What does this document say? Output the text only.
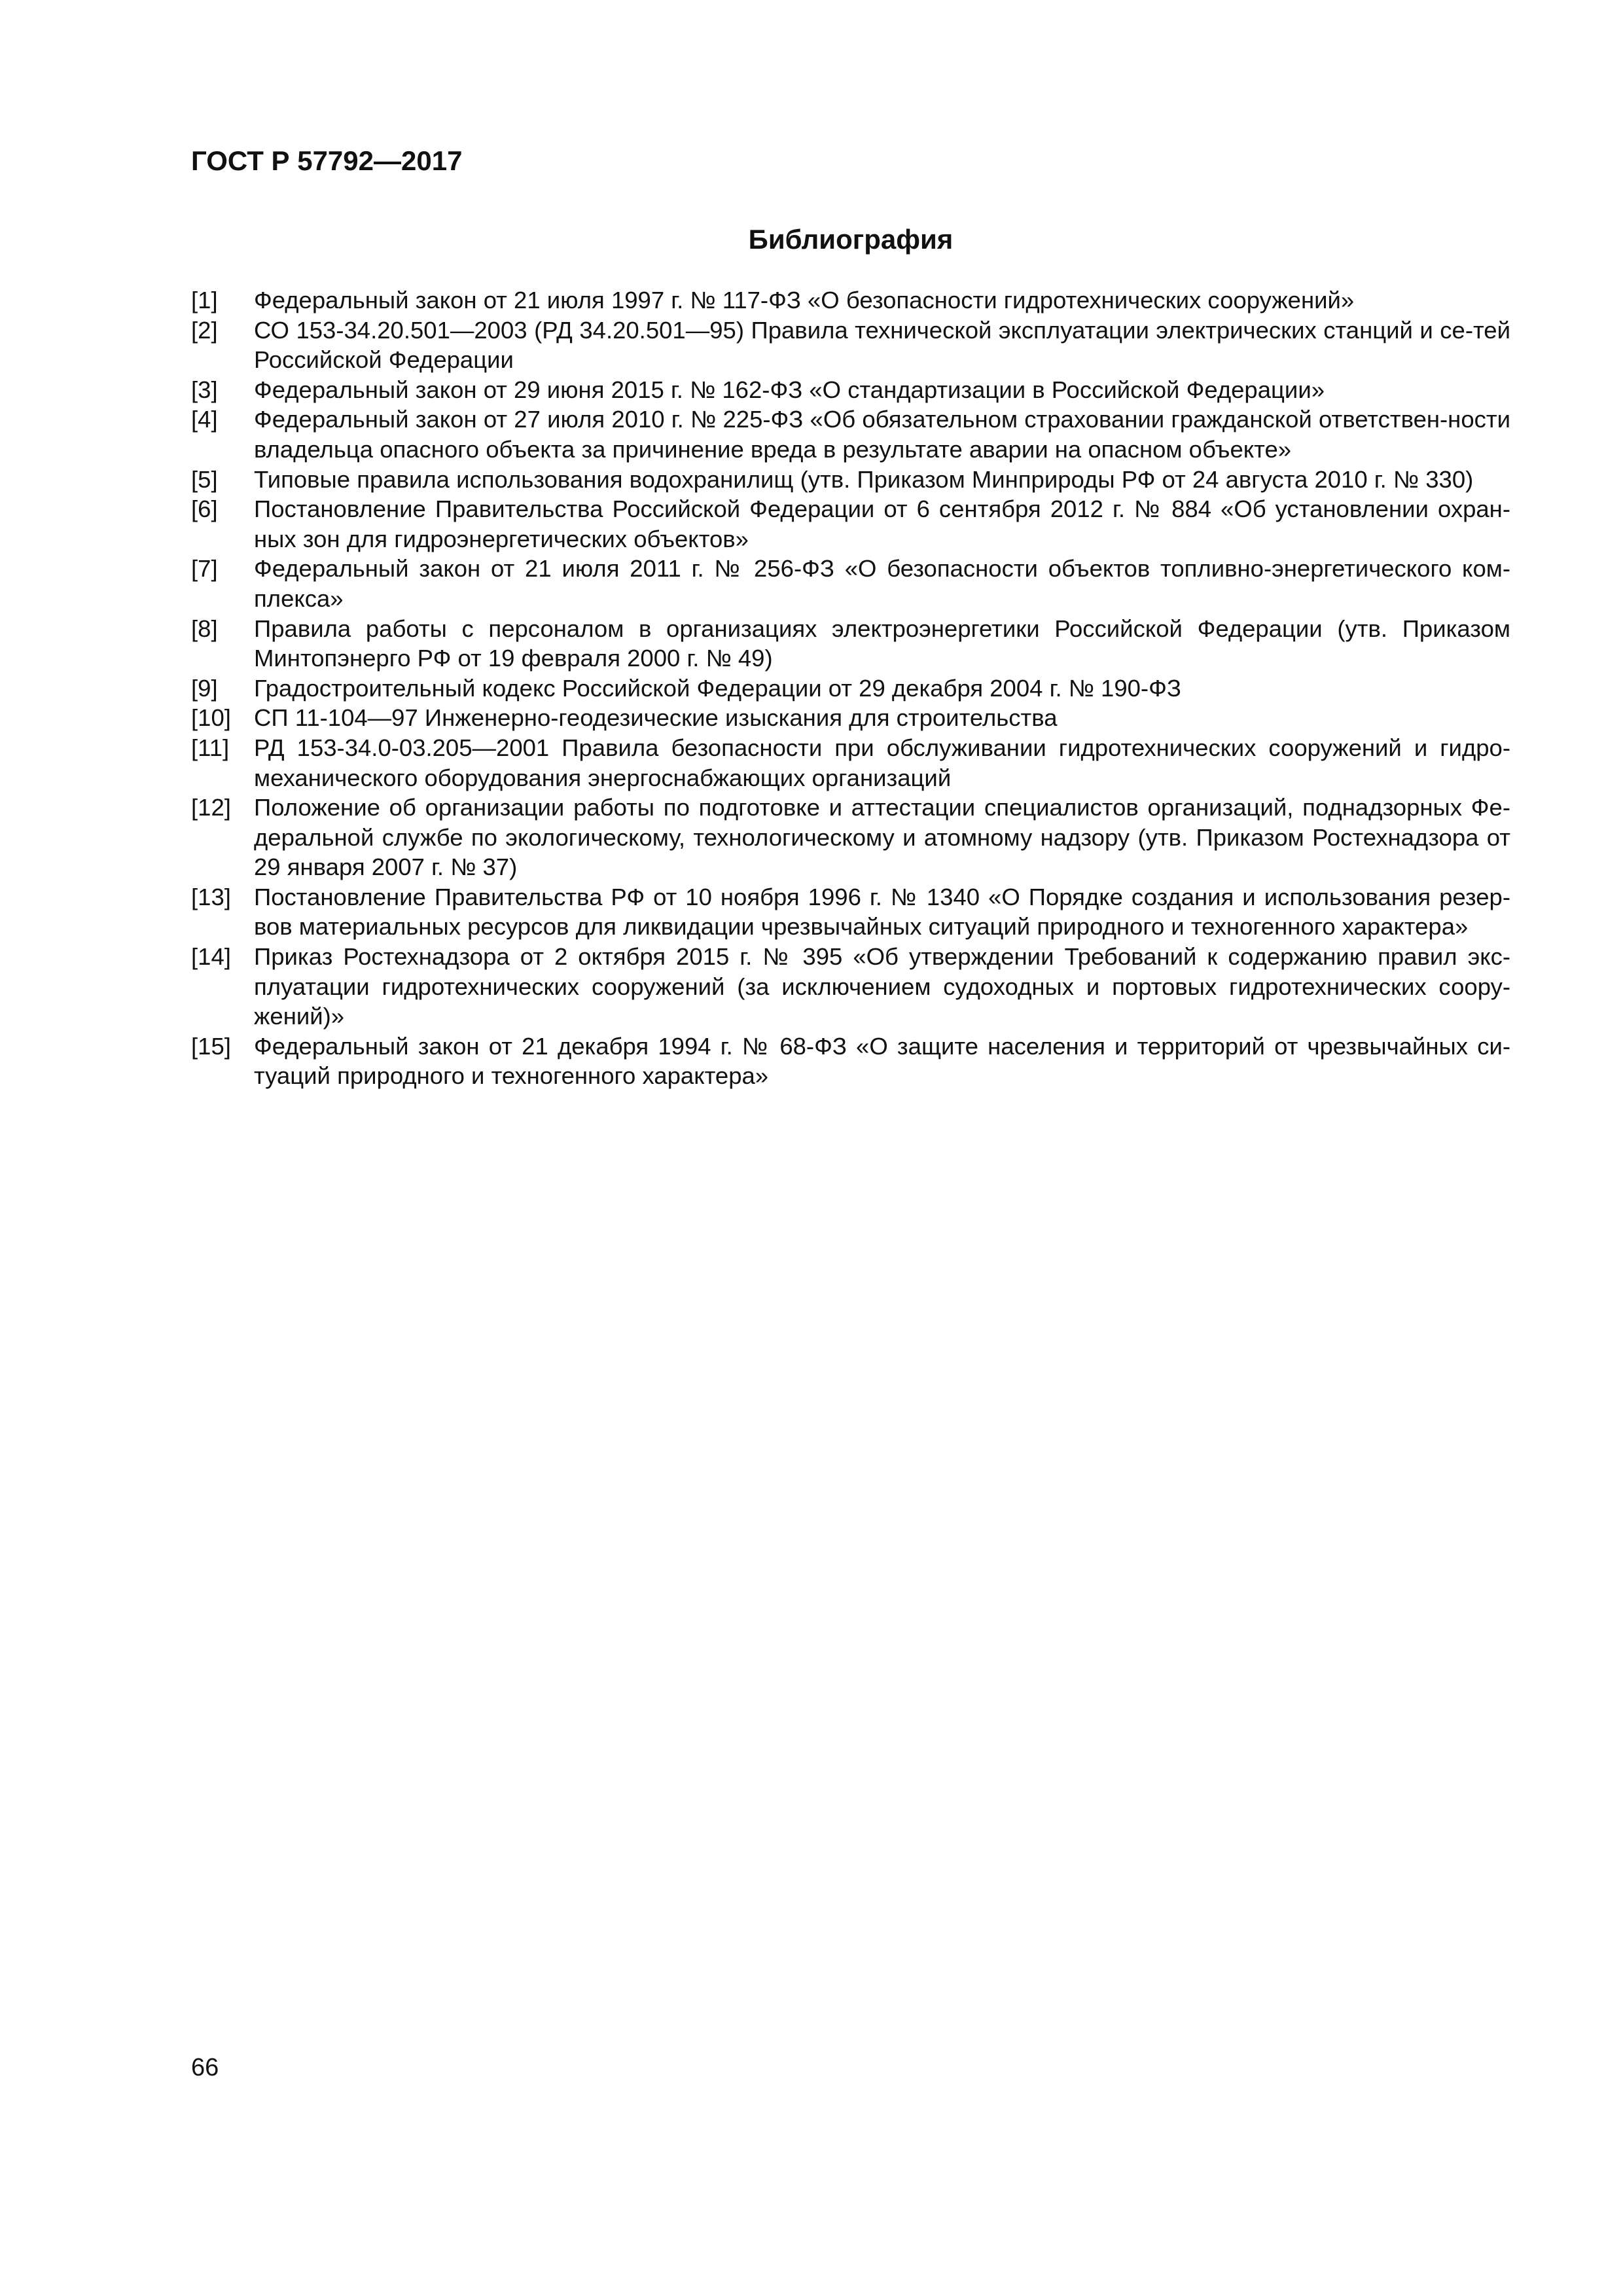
ГОСТ Р 57792—2017
Библиография
[1]	Федеральный закон от 21 июля 1997 г. № 117-ФЗ «О безопасности гидротехнических сооружений»
[2]	СО 153-34.20.501—2003 (РД 34.20.501—95) Правила технической эксплуатации электрических станций и се-тей Российской Федерации
[3]	Федеральный закон от 29 июня 2015 г. № 162-ФЗ «О стандартизации в Российской Федерации»
[4]	Федеральный закон от 27 июля 2010 г. № 225-ФЗ «Об обязательном страховании гражданской ответствен-ности владельца опасного объекта за причинение вреда в результате аварии на опасном объекте»
[5]	Типовые правила использования водохранилищ (утв. Приказом Минприроды РФ от 24 августа 2010 г. № 330)
[6]	Постановление Правительства Российской Федерации от 6 сентября 2012 г. № 884 «Об установлении охран-ных зон для гидроэнергетических объектов»
[7]	Федеральный закон от 21 июля 2011 г. № 256-ФЗ «О безопасности объектов топливно-энергетического ком-плекса»
[8]	Правила работы с персоналом в организациях электроэнергетики Российской Федерации (утв. Приказом Минтопэнерго РФ от 19 февраля 2000 г. № 49)
[9]	Градостроительный кодекс Российской Федерации от 29 декабря 2004 г. № 190-ФЗ
[10] СП 11-104—97 Инженерно-геодезические изыскания для строительства
[11]	РД 153-34.0-03.205—2001 Правила безопасности при обслуживании гидротехнических сооружений и гидро-механического оборудования энергоснабжающих организаций
[12] Положение об организации работы по подготовке и аттестации специалистов организаций, поднадзорных Фе-деральной службе по экологическому, технологическому и атомному надзору (утв. Приказом Ростехнадзора от 29 января 2007 г. № 37)
[13] Постановление Правительства РФ от 10 ноября 1996 г. № 1340 «О Порядке создания и использования резер-вов материальных ресурсов для ликвидации чрезвычайных ситуаций природного и техногенного характера»
[14] Приказ Ростехнадзора от 2 октября 2015 г. № 395 «Об утверждении Требований к содержанию правил экс-плуатации гидротехнических сооружений (за исключением судоходных и портовых гидротехнических соору-жений)»
[15] Федеральный закон от 21 декабря 1994 г. № 68-ФЗ «О защите населения и территорий от чрезвычайных си-туаций природного и техногенного характера»
66
